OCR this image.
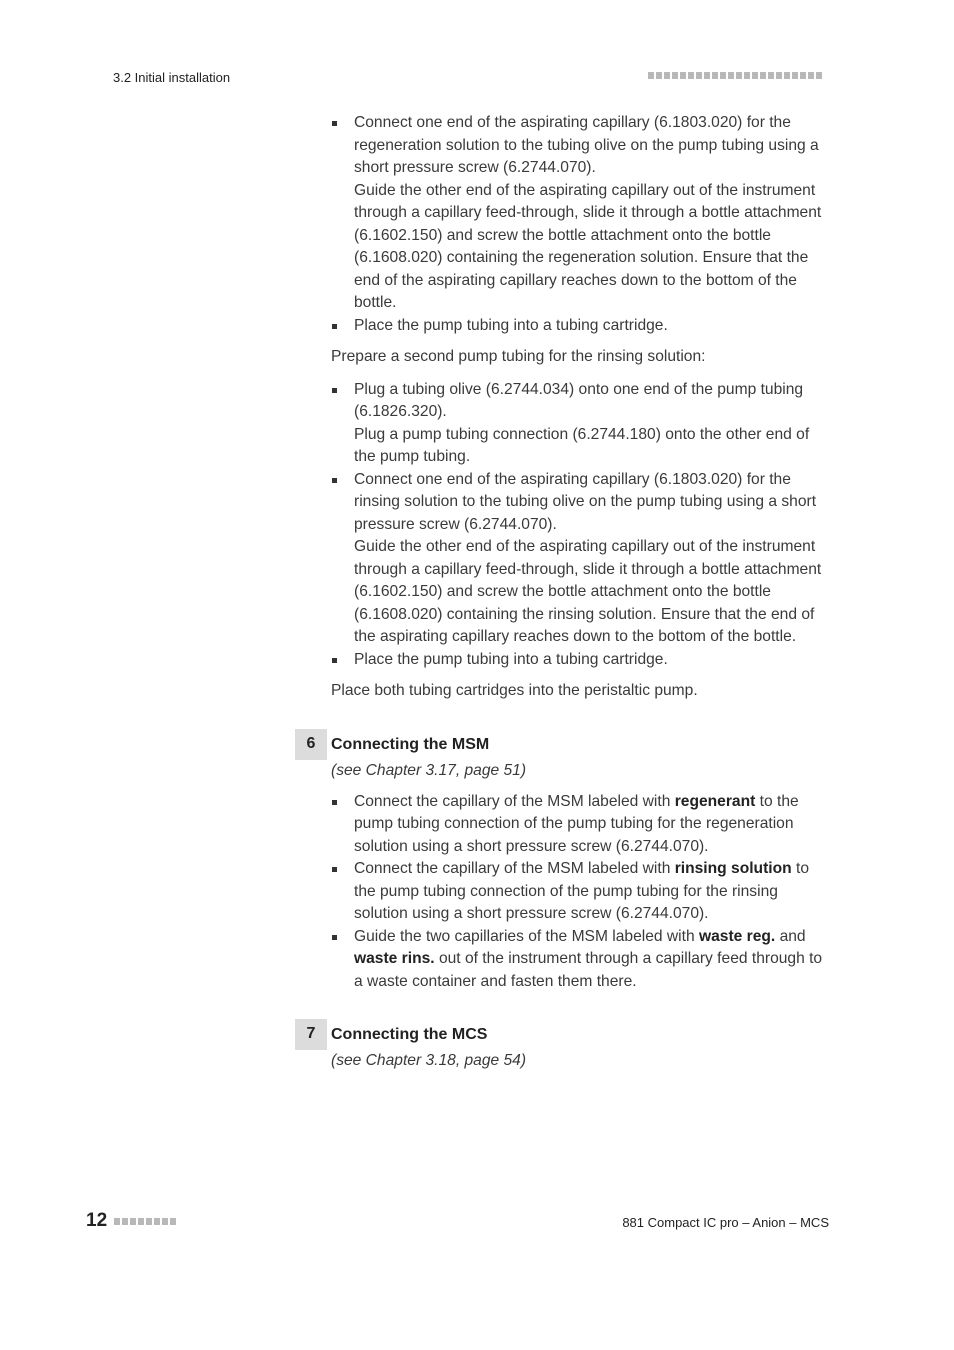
3.2 Initial installation
Connect one end of the aspirating capillary (6.1803.020) for the regeneration solution to the tubing olive on the pump tubing using a short pressure screw (6.2744.070).
Guide the other end of the aspirating capillary out of the instrument through a capillary feed-through, slide it through a bottle attachment (6.1602.150) and screw the bottle attachment onto the bottle (6.1608.020) containing the regeneration solution. Ensure that the end of the aspirating capillary reaches down to the bottom of the bottle.
Place the pump tubing into a tubing cartridge.

Prepare a second pump tubing for the rinsing solution:

Plug a tubing olive (6.2744.034) onto one end of the pump tubing (6.1826.320).
Plug a pump tubing connection (6.2744.180) onto the other end of the pump tubing.
Connect one end of the aspirating capillary (6.1803.020) for the rinsing solution to the tubing olive on the pump tubing using a short pressure screw (6.2744.070).
Guide the other end of the aspirating capillary out of the instrument through a capillary feed-through, slide it through a bottle attachment (6.1602.150) and screw the bottle attachment onto the bottle (6.1608.020) containing the rinsing solution. Ensure that the end of the aspirating capillary reaches down to the bottom of the bottle.
Place the pump tubing into a tubing cartridge.

Place both tubing cartridges into the peristaltic pump.

6 Connecting the MSM
(see Chapter 3.17, page 51)
Connect the capillary of the MSM labeled with regenerant to the pump tubing connection of the pump tubing for the regeneration solution using a short pressure screw (6.2744.070).
Connect the capillary of the MSM labeled with rinsing solution to the pump tubing connection of the pump tubing for the rinsing solution using a short pressure screw (6.2744.070).
Guide the two capillaries of the MSM labeled with waste reg. and waste rins. out of the instrument through a capillary feed through to a waste container and fasten them there.
7 Connecting the MCS
(see Chapter 3.18, page 54)
12	881 Compact IC pro – Anion – MCS
